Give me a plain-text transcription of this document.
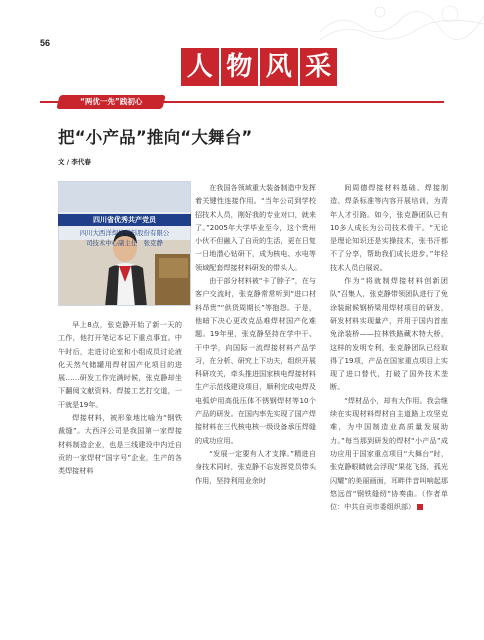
56
人 物 风 采
“两优一先”践初心
把“小产品”推向“大舞台”
文 / 李代春
四川省优秀共产党员
四川大西洋焊接材料股份有限公
司技术中心副主任　张克静

早上8点，张克静开始了新一天的工作，他打开笔记本记下重点事宜。中午时后，走进讨论室和小组成员讨论液化天然气储罐用焊材国产化项目的进展……研发工作完满时候，张克静却坐下翻阅文献资料、焊接工艺打交道，一干就是19年。

焊接材料，被形象地比喻为“钢铁裁缝”。大西洋公司是我国第一家焊接材料制造企业，也是三线建设中内迁自贡的一家焊材“国字号”企业，生产的各类焊接材料

在我国各领域重大装备制造中发挥着关键性连接作用。“当年公司到学校招技术人员，刚好我的专业对口，就来了。”2005年大学毕业至今，这个贵州小伙不但融入了自贡的生活，更在日复一日地潜心钻研下，成为核电、水电等领域配套焊接材料研发的带头人。

由于部分材料被“卡了脖子”，在与客户交流时，张克静常常听到“进口材料昂贵”“供货周期长”等抱怨。于是，他暗下决心更改克品难焊材国产化难题。19年里，张克静坚持在学中干、干中学，向国际一流焊接材料产品学习，在分析、研究上下功夫，组织开展科研攻关，牵头推进国家核电焊接材料生产示范线建设项目，顺利完成电焊及电弧炉用高低压体不锈钢焊材等10个产品的研发。在国内率先实现了国产焊接材料在三代核电核一级设备承压焊缝的成功应用。

“发展一定要有人才支撑。”精进自身技术同时，张克静不忘发挥党员带头作用，坚持利用业余时

间周德焊接材料基础、焊接制造、焊条标准等内容开展培训，为青年人才引路。如今，张克静团队已有10多人成长为公司技术骨干。“无论是理论知识还是实操技术，张书汗都不了分享，帮助我们成长进步。”年轻技术人员白展说。

作为“将就制焊接材料创新团队”召集人，张克静带领团队进行了免涂装耐候钢桥梁用焊材项目的研发，研发材料实现量产，并用于国内首座免涂装桥——拉林铁路藏木特大桥，这样的发明专利，张克静团队已经取得了19项，产品在国家重点项目上实现了进口替代，打破了国外技术垄断。

“焊材品小，却有大作用。我会继续在实现材料焊材自主道路上攻坚克难，为中国制造业高质量发展助力。”每当那到研发的焊材“小产品”成功应用于国家重点项目“大舞台”时，张克静眼睛就会浮现“果花飞扬，孤光闪耀”的美丽画面，耳畔伴音叫响起那悠远首“钢铁缝纫”协奏曲。（作者单位：中共自贡市委组织部）
